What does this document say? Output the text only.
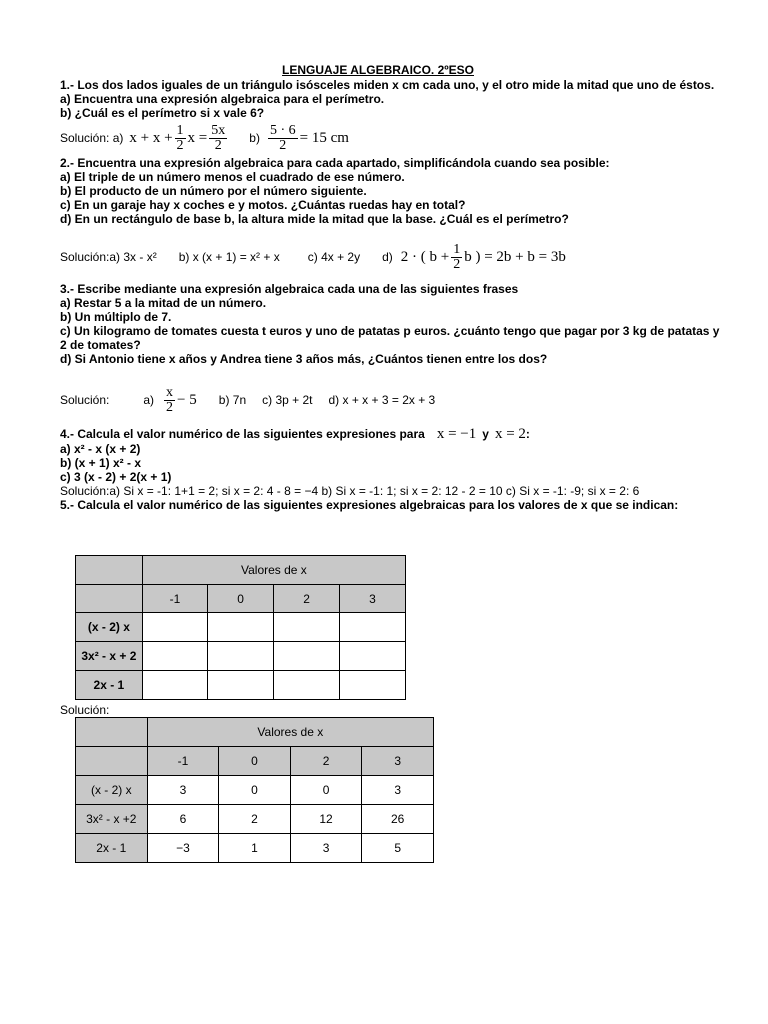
LENGUAJE ALGEBRAICO. 2ºESO
1.- Los dos lados iguales de un triángulo isósceles miden x cm cada uno, y el otro mide la mitad que uno de éstos.
a) Encuentra una expresión algebraica para el perímetro.
b) ¿Cuál es el perímetro si x vale 6?
Solución: a) $x + x + \frac{1}{2}$ $x = \frac{5x}{2} b) \frac{5 \cdot 6}{2} = 15$ cm
2.- Encuentra una expresión algebraica para cada apartado, simplificándola cuando sea posible:
a) El triple de un número menos el cuadrado de ese número.
b) El producto de un número por el número siguiente.
c) En un garaje hay x coches e y motos. ¿Cuántas ruedas hay en total?
d) En un rectángulo de base b, la altura mide la mitad que la base. ¿Cuál es el perímetro?
Solución:a) 3x - x² b) x (x + 1) = x² + x c) 4x + 2y d) 2 · ( $b + \frac{1}{2}$ b ) = 2b + b = 3b
3.- Escribe mediante una expresión algebraica cada una de las siguientes frases
a) Restar 5 a la mitad de un número.
b) Un múltiplo de 7.
c) Un kilogramo de tomates cuesta t euros y uno de patatas p euros. ¿cuánto tengo que pagar por 3 kg de patatas y 2 de tomates?
d) Si Antonio tiene x años y Andrea tiene 3 años más, ¿Cuántos tienen entre los dos?
Solución:	$a) \frac{x}{2} - 5$ b) 7n c) 3p + 2t d) x + x + 3 = 2x + 3
4.- Calcula el valor numérico de las siguientes expresiones para x = −1 y x = 2 :
a) x² - x (x + 2)
b) (x + 1) x² - x
c) 3 (x - 2) + 2(x + 1)
Solución:a) Si x = -1: 1+1 = 2; si x = 2: 4 - 8 = −4 b) Si x = -1: 1; si x = 2: 12 - 2 = 10 c) Si x = -1: -9; si x = 2: 6
5.- Calcula el valor numérico de las siguientes expresiones algebraicas para los valores de x que se indican:
	Valores de x			
	-1	0	2	3
(x - 2) x				
3x² - x + 2				
2x - 1				
Solución:
	Valores de x			
	-1	0	2	3
(x - 2) x	3	0	0	3
3x² - x +2	6	2	12	26
2x - 1	−3	1	3	5
